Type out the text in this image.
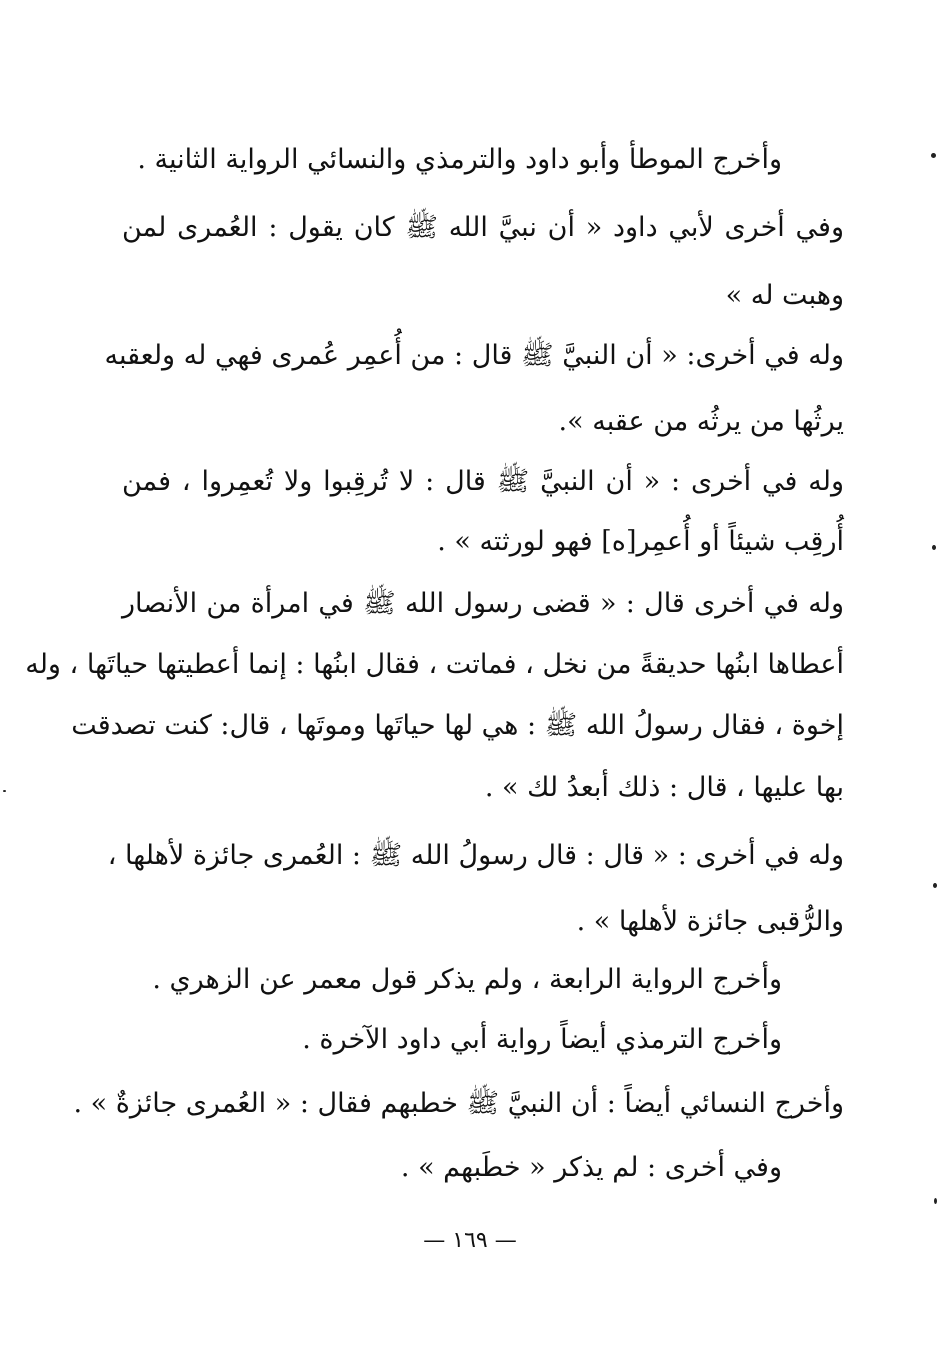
وأخرج الموطأ وأبو داود والترمذي والنسائي الرواية الثانية .
وفي أخرى لأبي داود « أن نبيَّ الله ﷺ كان يقول : العُمرى لمن
وهبت له »
وله في أخرى: « أن النبيَّ ﷺ قال : من أُعمِر عُمرى فهي له ولعقبه
يرثُها من يرثُه من عقبه ».
وله في أخرى : « أن النبيَّ ﷺ قال : لا تُرقِبوا ولا تُعمِروا ، فمن
أُرقِب شيئاً أو أُعمِر[ه] فهو لورثته » .
وله في أخرى قال : « قضى رسول الله ﷺ في امرأة من الأنصار
أعطاها ابنُها حديقةً من نخل ، فماتت ، فقال ابنُها : إنما أعطيتها حياتَها ، وله
إخوة ، فقال رسولُ الله ﷺ : هي لها حياتَها وموتَها ، قال: كنت تصدقت
بها عليها ، قال : ذلك أبعدُ لك » .
وله في أخرى : « قال : قال رسولُ الله ﷺ : العُمرى جائزة لأهلها ،
والرُّقبى جائزة لأهلها » .
وأخرج الرواية الرابعة ، ولم يذكر قول معمر عن الزهري .
وأخرج الترمذي أيضاً رواية أبي داود الآخرة .
وأخرج النسائي أيضاً : أن النبيَّ ﷺ خطبهم فقال : « العُمرى جائزةٌ » .
وفي أخرى : لم يذكر « خطَبهم » .
— ١٦٩ —
